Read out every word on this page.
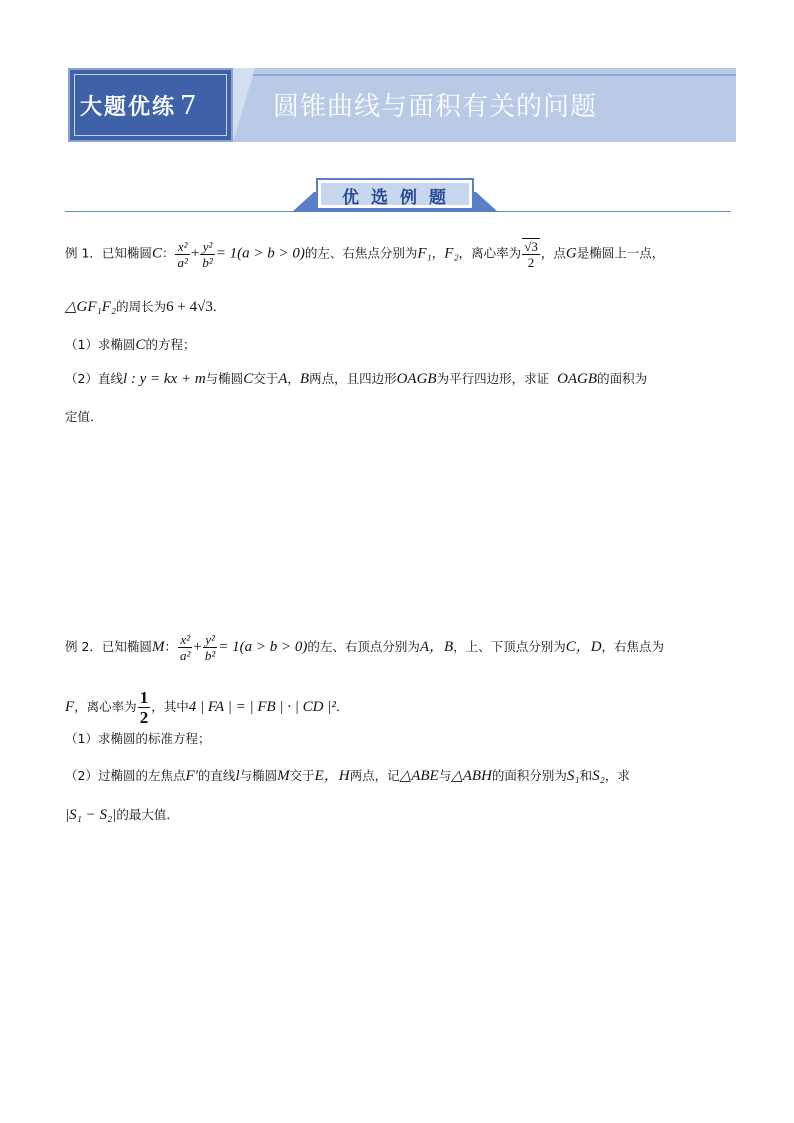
大题优练 7	圆锥曲线与面积有关的问题
优选例题
例 1．已知椭圆C： $\frac{\text{x²}}{\text{a²}} + \frac{\text{y²}}{\text{b²}} = 1(a > b > 0)$的左、右焦点分别为F₁，F₂，离心率为 $\frac{√3}{2}$ ，点G是椭圆上一点，
△GF₁F₂的周长为6 + 4√3．
（1）求椭圆C的方程；
（2）直线l : y = kx + m与椭圆C交于A，B两点，且四边形OAGB为平行四边形，求证 OAGB的面积为
定值．
例 2．已知椭圆M： $\frac{\text{x²}}{\text{a²}} + \frac{\text{y²}}{\text{b²}} = 1(a > b > 0)$的左、右顶点分别为A，B，上、下顶点分别为C，D，右焦点为
F，离心率为 $\frac{1}{2}$ ，其中4 | FA | = | FB | · | CD |²．
（1）求椭圆的标准方程；
（2）过椭圆的左焦点F′的直线l与椭圆M交于E，H两点，记△ABE与△ABH的面积分别为S₁和S₂，求
|S₁ − S₂|的最大值．
